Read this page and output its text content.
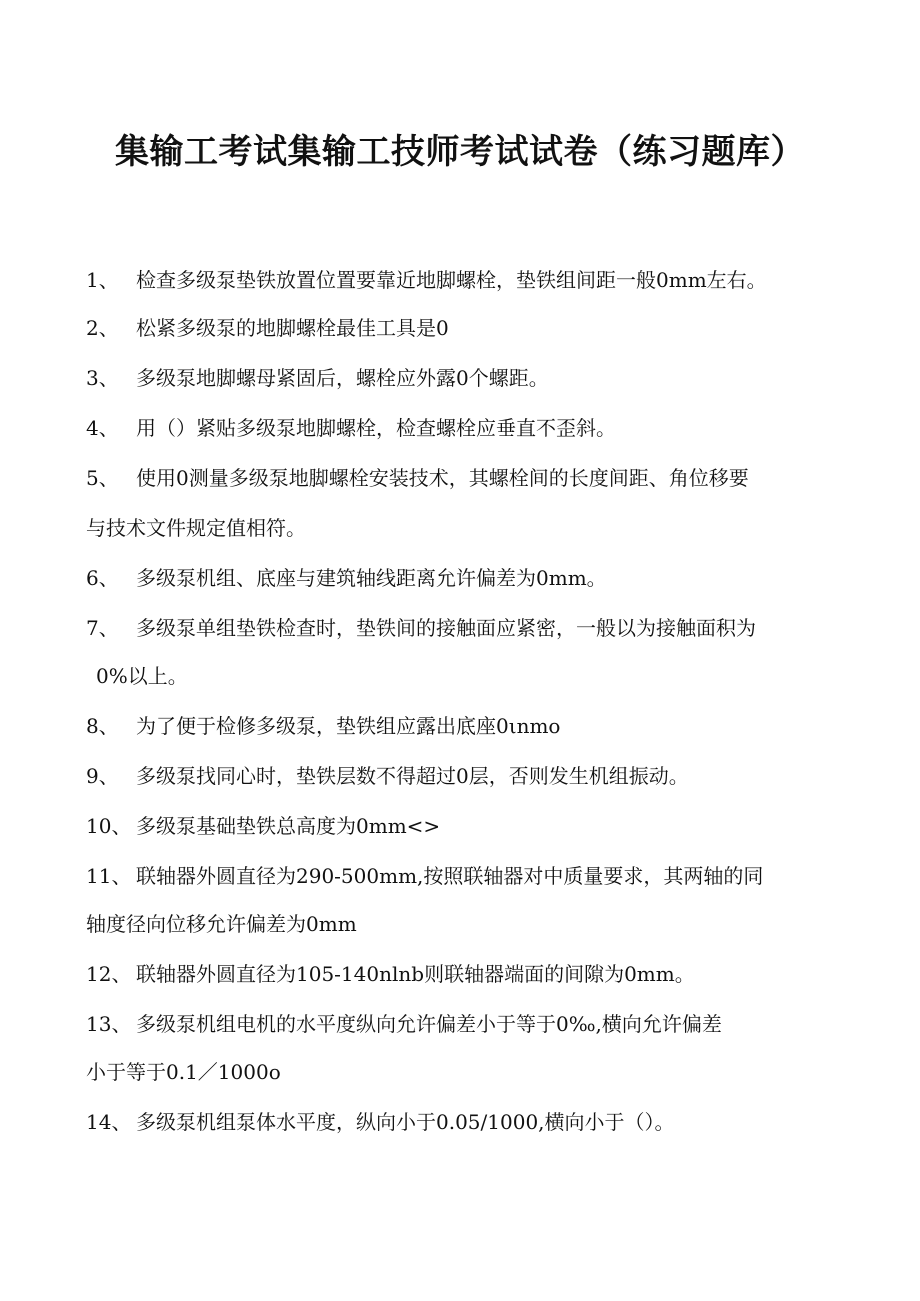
集输工考试集输工技师考试试卷（练习题库）
1、 检查多级泵垫铁放置位置要靠近地脚螺栓，垫铁组间距一般0mm左右。
2、 松紧多级泵的地脚螺栓最佳工具是0
3、 多级泵地脚螺母紧固后，螺栓应外露0个螺距。
4、 用（）紧贴多级泵地脚螺栓，检查螺栓应垂直不歪斜。
5、 使用0测量多级泵地脚螺栓安装技术，其螺栓间的长度间距、角位移要
与技术文件规定值相符。
6、 多级泵机组、底座与建筑轴线距离允许偏差为0mm。
7、 多级泵单组垫铁检查时，垫铁间的接触面应紧密，一般以为接触面积为
0%以上。
8、 为了便于检修多级泵，垫铁组应露出底座0ιnmo
9、 多级泵找同心时，垫铁层数不得超过0层，否则发生机组振动。
10、 多级泵基础垫铁总高度为0mm<>
11、 联轴器外圆直径为290-500mm,按照联轴器对中质量要求，其两轴的同
轴度径向位移允许偏差为0mm
12、 联轴器外圆直径为105-140nlnb则联轴器端面的间隙为0mm。
13、 多级泵机组电机的水平度纵向允许偏差小于等于0‰,横向允许偏差
小于等于0.1／1000o
14、 多级泵机组泵体水平度，纵向小于0.05/1000,横向小于（）。
